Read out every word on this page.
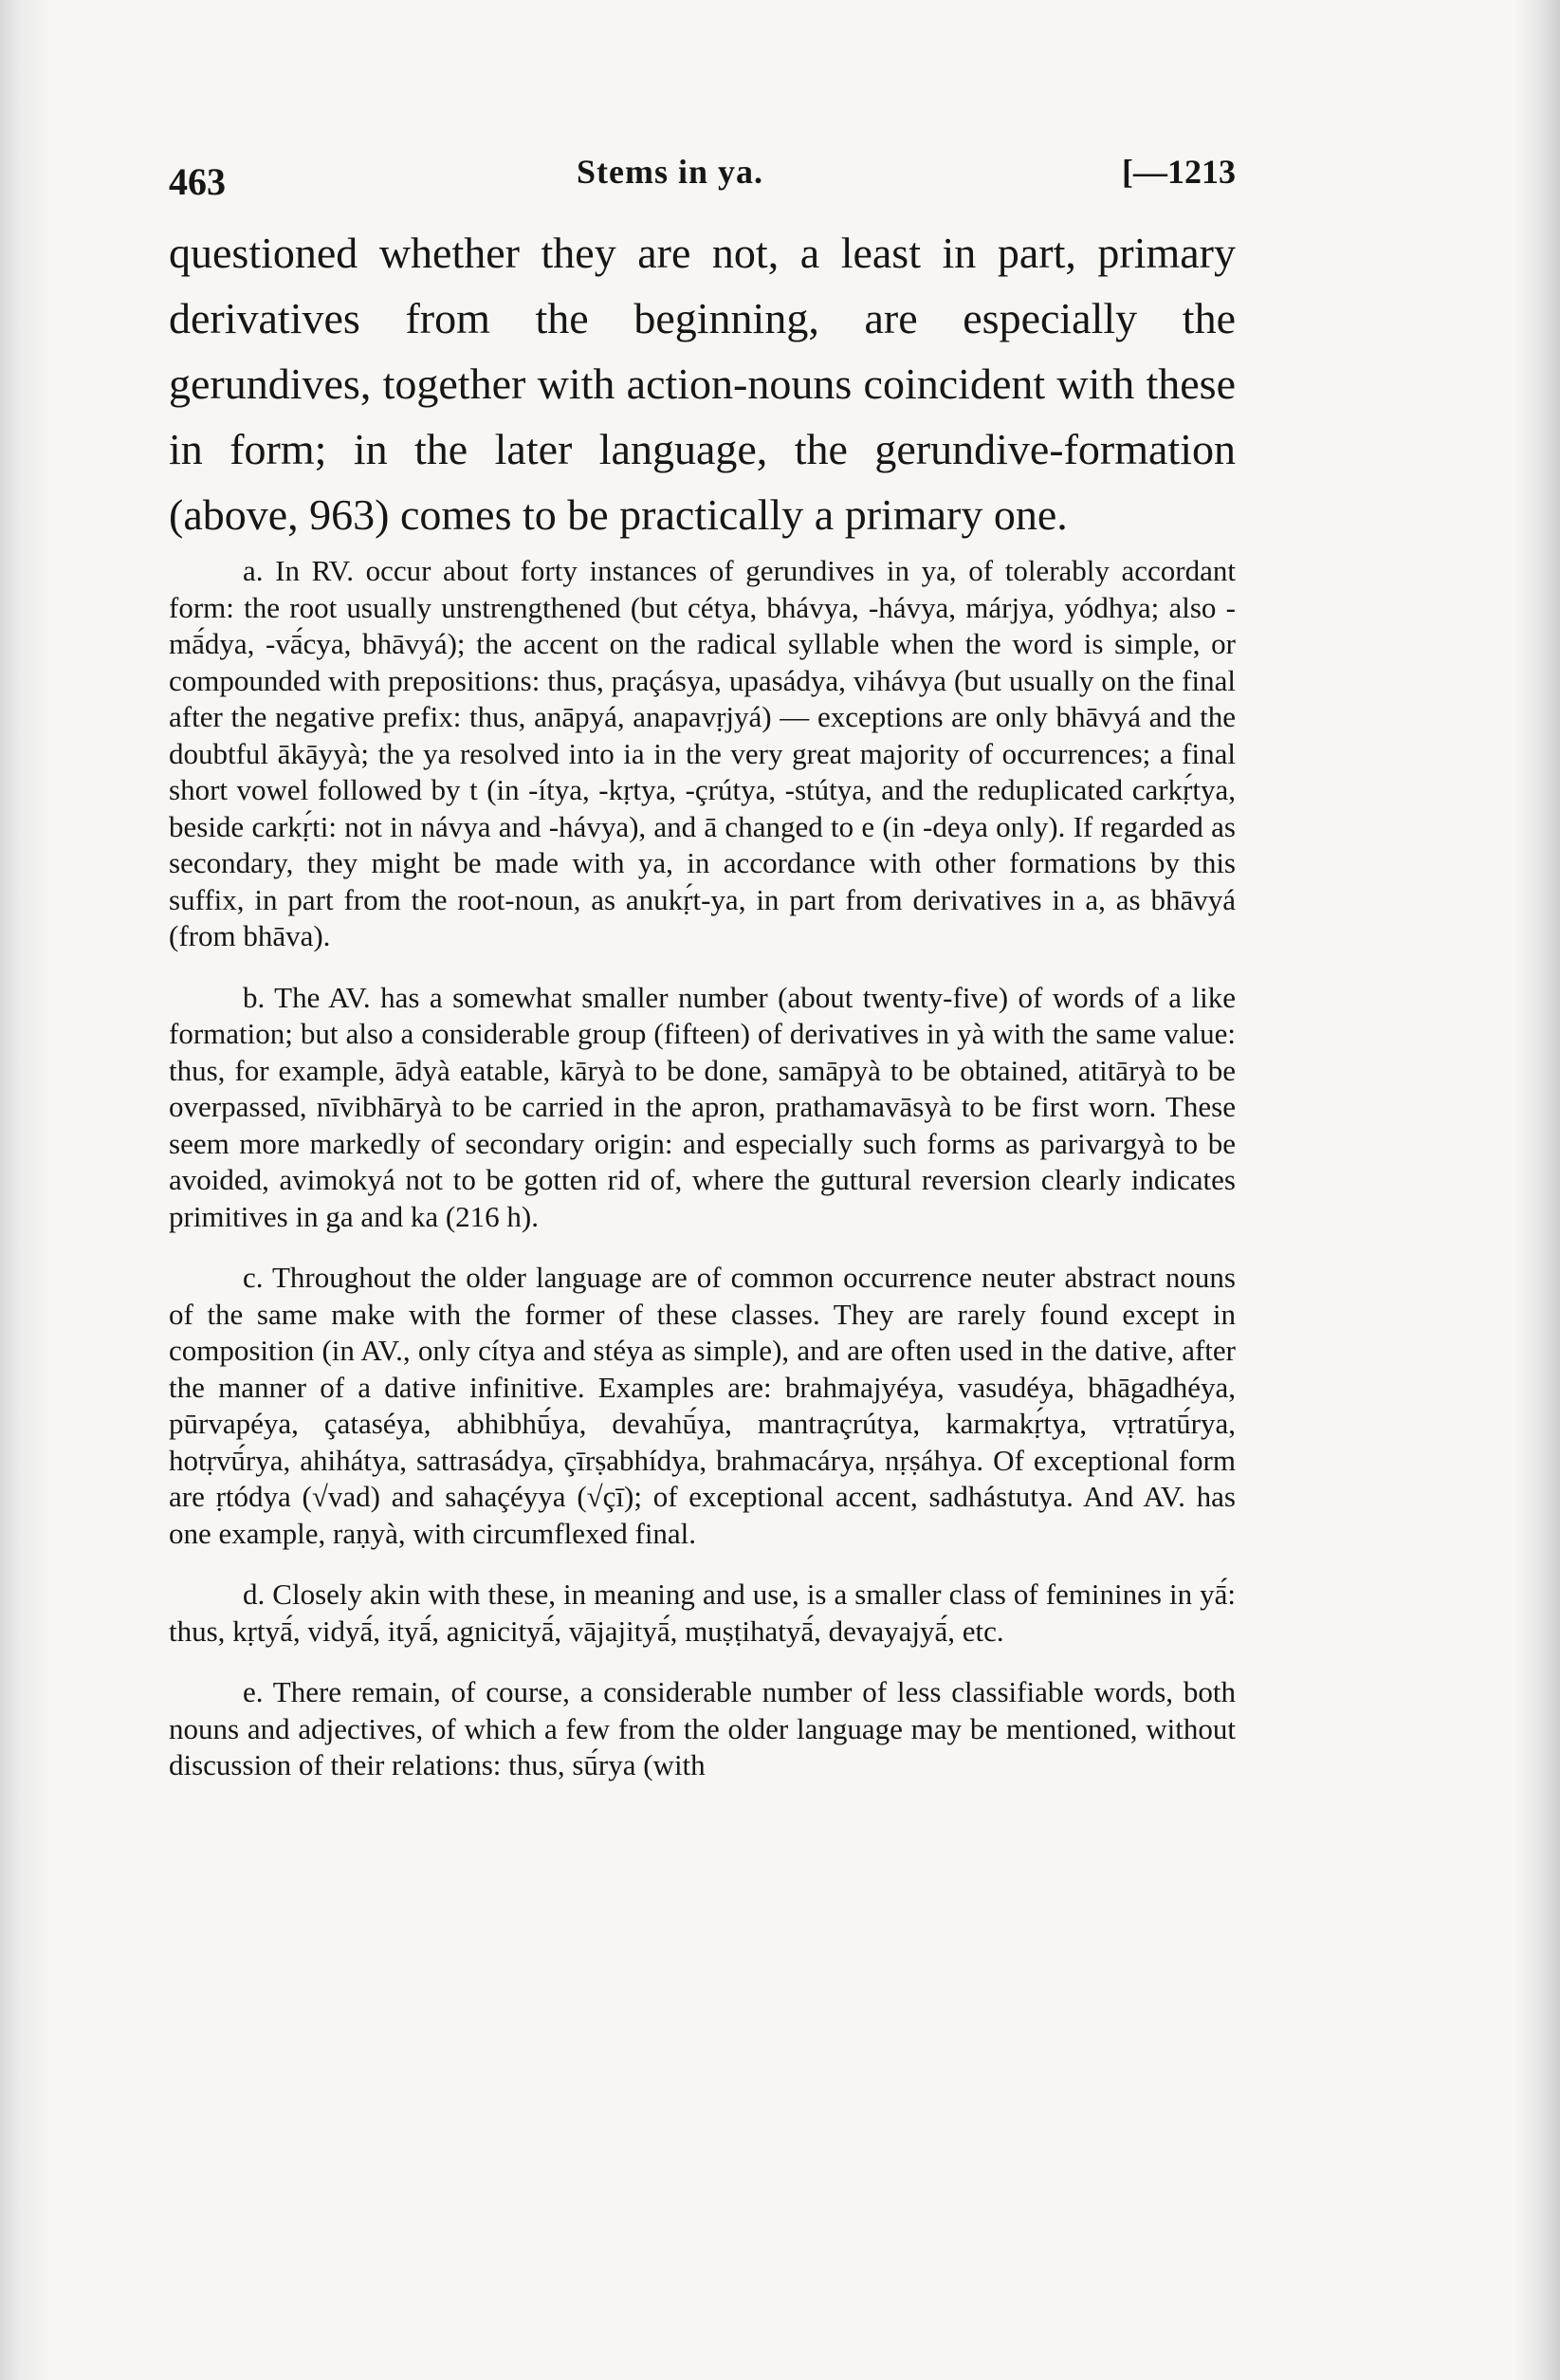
463	Stems in ya.	[—1213

questioned whether they are not, a least in part, primary derivatives from the beginning, are especially the gerundives, together with action-nouns coincident with these in form; in the later language, the gerundive-formation (above, 963) comes to be practically a primary one.

a. In RV. occur about forty instances of gerundives in ya, of tolerably accordant form: the root usually unstrengthened (but cétya, bhávya, -hávya, márjya, yódhya; also -mā́dya, -vā́cya, bhāvyá); the accent on the radical syllable when the word is simple, or compounded with prepositions: thus, praçásya, upasádya, vihávya (but usually on the final after the negative prefix: thus, anāpyá, anapavṛjyá) — exceptions are only bhāvyá and the doubtful ākāyyà; the ya resolved into ia in the very great majority of occurrences; a final short vowel followed by t (in -ítya, -kṛtya, -çrútya, -stútya, and the reduplicated carkṛ́tya, beside carkṛ́ti: not in návya and -hávya), and ā changed to e (in -deya only). If regarded as secondary, they might be made with ya, in accordance with other formations by this suffix, in part from the root-noun, as anukṛ́t-ya, in part from derivatives in a, as bhāvyá (from bhāva).

b. The AV. has a somewhat smaller number (about twenty-five) of words of a like formation; but also a considerable group (fifteen) of derivatives in yà with the same value: thus, for example, ādyà eatable, kāryà to be done, samāpyà to be obtained, atitāryà to be overpassed, nīvibhāryà to be carried in the apron, prathamavāsyà to be first worn. These seem more markedly of secondary origin: and especially such forms as parivargyà to be avoided, avimokyá not to be gotten rid of, where the guttural reversion clearly indicates primitives in ga and ka (216 h).

c. Throughout the older language are of common occurrence neuter abstract nouns of the same make with the former of these classes. They are rarely found except in composition (in AV., only cítya and stéya as simple), and are often used in the dative, after the manner of a dative infinitive. Examples are: brahmajyéya, vasudéya, bhāgadhéya, pūrvapéya, çataséya, abhibhū́ya, devahū́ya, mantraçrútya, karmakṛ́tya, vṛtratū́rya, hotṛvū́rya, ahihátya, sattrasádya, çīrṣabhídya, brahmacárya, nṛṣáhya. Of exceptional form are ṛtódya (√vad) and sahaçéyya (√çī); of exceptional accent, sadhástutya. And AV. has one example, raṇyà, with circumflexed final.

d. Closely akin with these, in meaning and use, is a smaller class of feminines in yā́: thus, kṛtyā́, vidyā́, ityā́, agnicityā́, vājajityā́, muṣṭihatyā́, devayajyā́, etc.

e. There remain, of course, a considerable number of less classifiable words, both nouns and adjectives, of which a few from the older language may be mentioned, without discussion of their relations: thus, sū́rya (with
